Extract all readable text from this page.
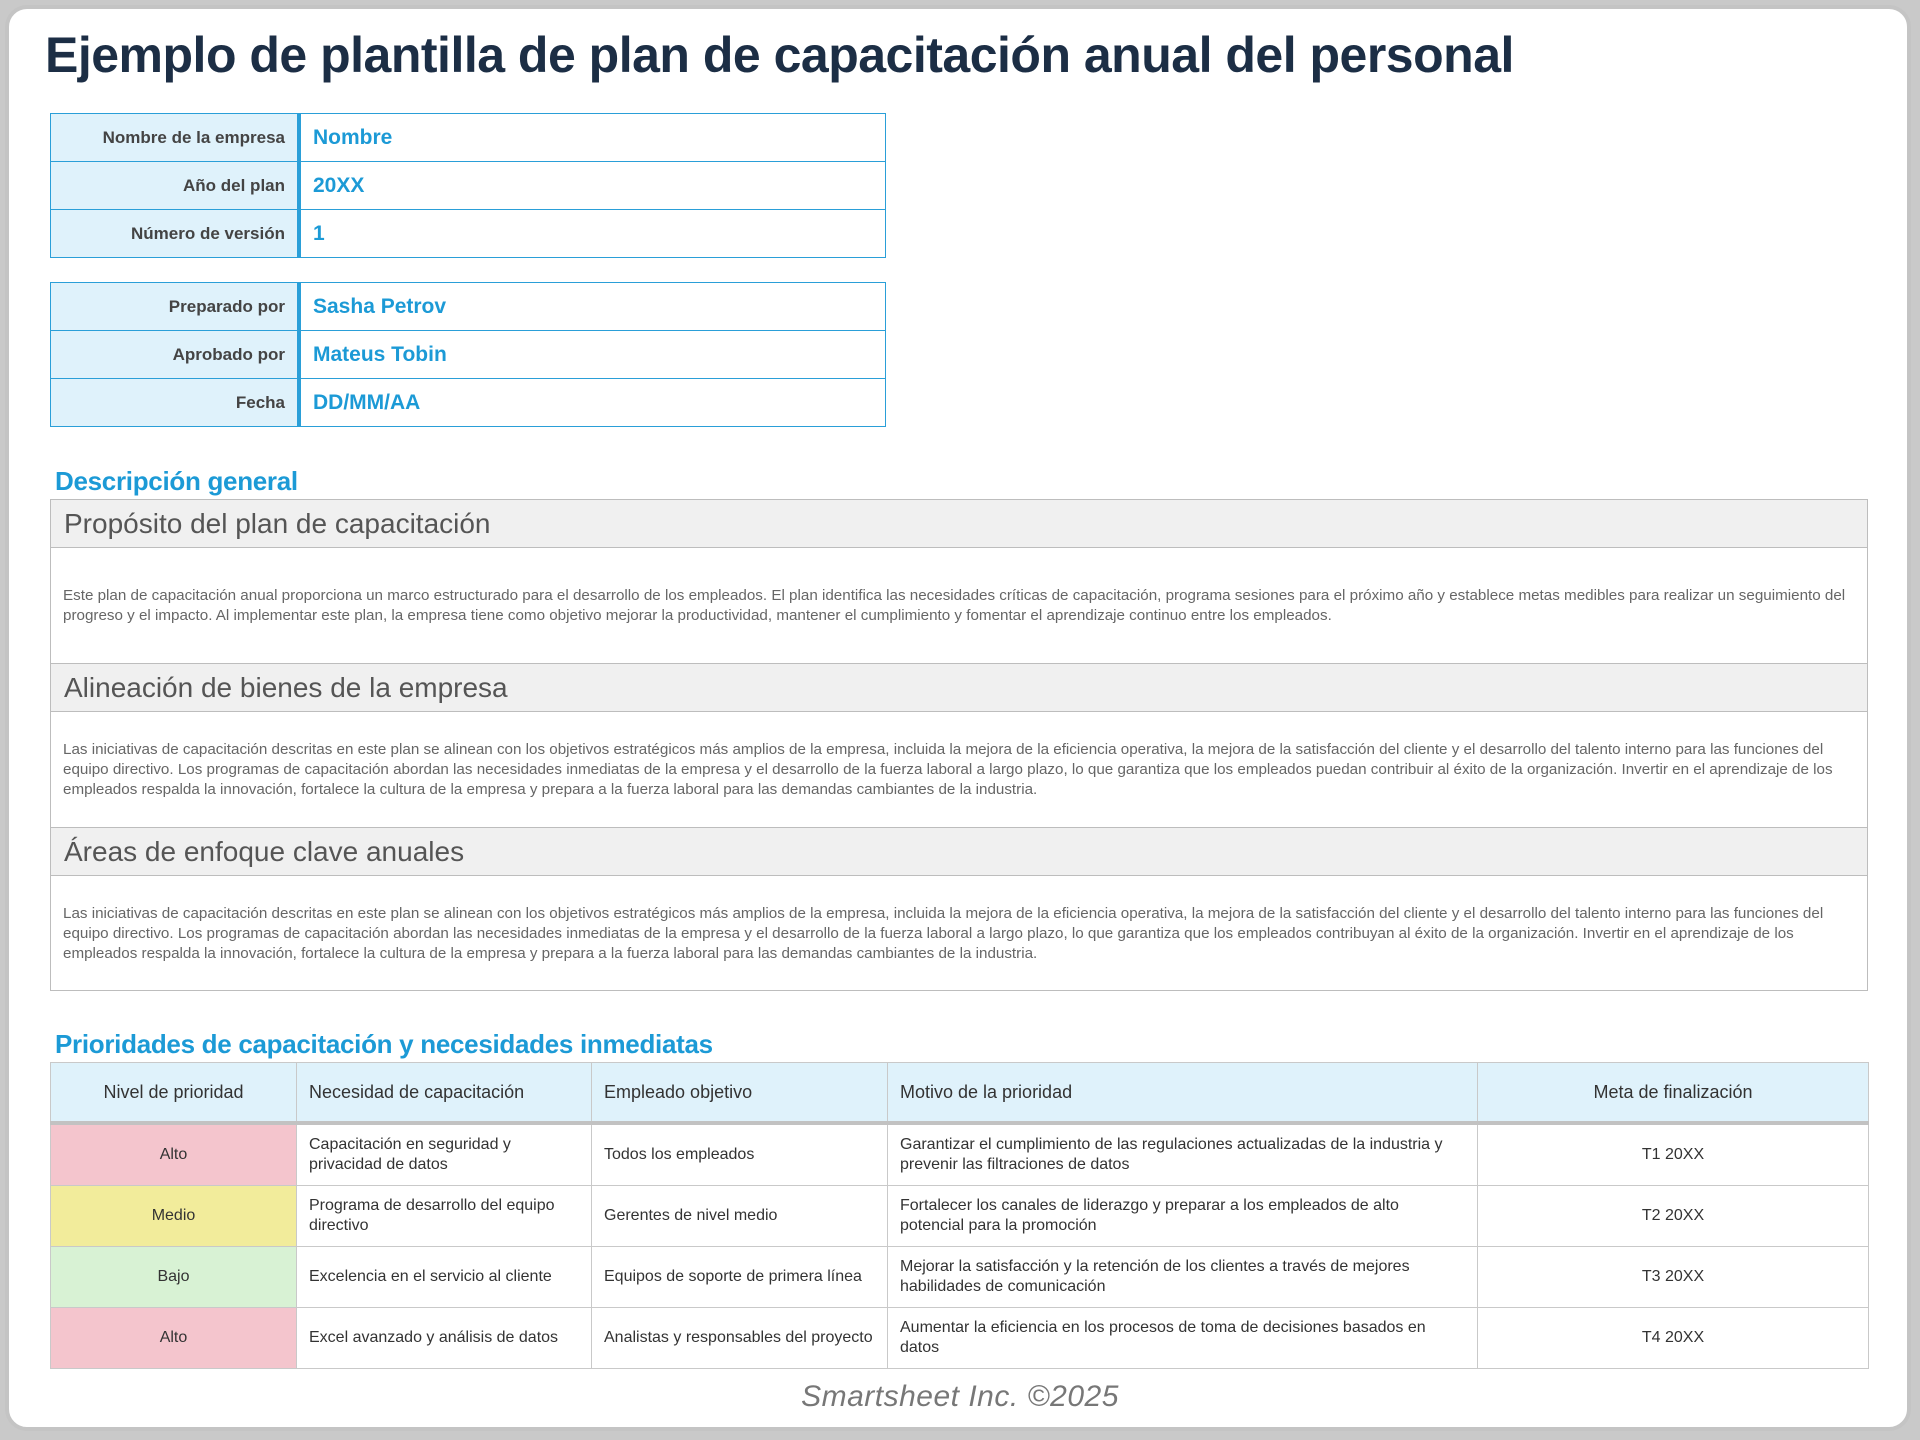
Ejemplo de plantilla de plan de capacitación anual del personal
Nombre de la empresa	Nombre
Año del plan	20XX
Número de versión	1
Preparado por	Sasha Petrov
Aprobado por	Mateus Tobin
Fecha	DD/MM/AA
Descripción general
Propósito del plan de capacitación
Este plan de capacitación anual proporciona un marco estructurado para el desarrollo de los empleados. El plan identifica las necesidades críticas de capacitación, programa sesiones para el próximo año y establece metas medibles para realizar un seguimiento del progreso y el impacto. Al implementar este plan, la empresa tiene como objetivo mejorar la productividad, mantener el cumplimiento y fomentar el aprendizaje continuo entre los empleados.
Alineación de bienes de la empresa
Las iniciativas de capacitación descritas en este plan se alinean con los objetivos estratégicos más amplios de la empresa, incluida la mejora de la eficiencia operativa, la mejora de la satisfacción del cliente y el desarrollo del talento interno para las funciones del equipo directivo. Los programas de capacitación abordan las necesidades inmediatas de la empresa y el desarrollo de la fuerza laboral a largo plazo, lo que garantiza que los empleados puedan contribuir al éxito de la organización. Invertir en el aprendizaje de los empleados respalda la innovación, fortalece la cultura de la empresa y prepara a la fuerza laboral para las demandas cambiantes de la industria.
Áreas de enfoque clave anuales
Las iniciativas de capacitación descritas en este plan se alinean con los objetivos estratégicos más amplios de la empresa, incluida la mejora de la eficiencia operativa, la mejora de la satisfacción del cliente y el desarrollo del talento interno para las funciones del equipo directivo. Los programas de capacitación abordan las necesidades inmediatas de la empresa y el desarrollo de la fuerza laboral a largo plazo, lo que garantiza que los empleados contribuyan al éxito de la organización. Invertir en el aprendizaje de los empleados respalda la innovación, fortalece la cultura de la empresa y prepara a la fuerza laboral para las demandas cambiantes de la industria.
Prioridades de capacitación y necesidades inmediatas
Nivel de prioridad	Necesidad de capacitación	Empleado objetivo	Motivo de la prioridad	Meta de finalización
Alto	Capacitación en seguridad y privacidad de datos	Todos los empleados	Garantizar el cumplimiento de las regulaciones actualizadas de la industria y prevenir las filtraciones de datos	T1 20XX
Medio	Programa de desarrollo del equipo directivo	Gerentes de nivel medio	Fortalecer los canales de liderazgo y preparar a los empleados de alto potencial para la promoción	T2 20XX
Bajo	Excelencia en el servicio al cliente	Equipos de soporte de primera línea	Mejorar la satisfacción y la retención de los clientes a través de mejores habilidades de comunicación	T3 20XX
Alto	Excel avanzado y análisis de datos	Analistas y responsables del proyecto	Aumentar la eficiencia en los procesos de toma de decisiones basados en datos	T4 20XX
Smartsheet Inc. ©2025
